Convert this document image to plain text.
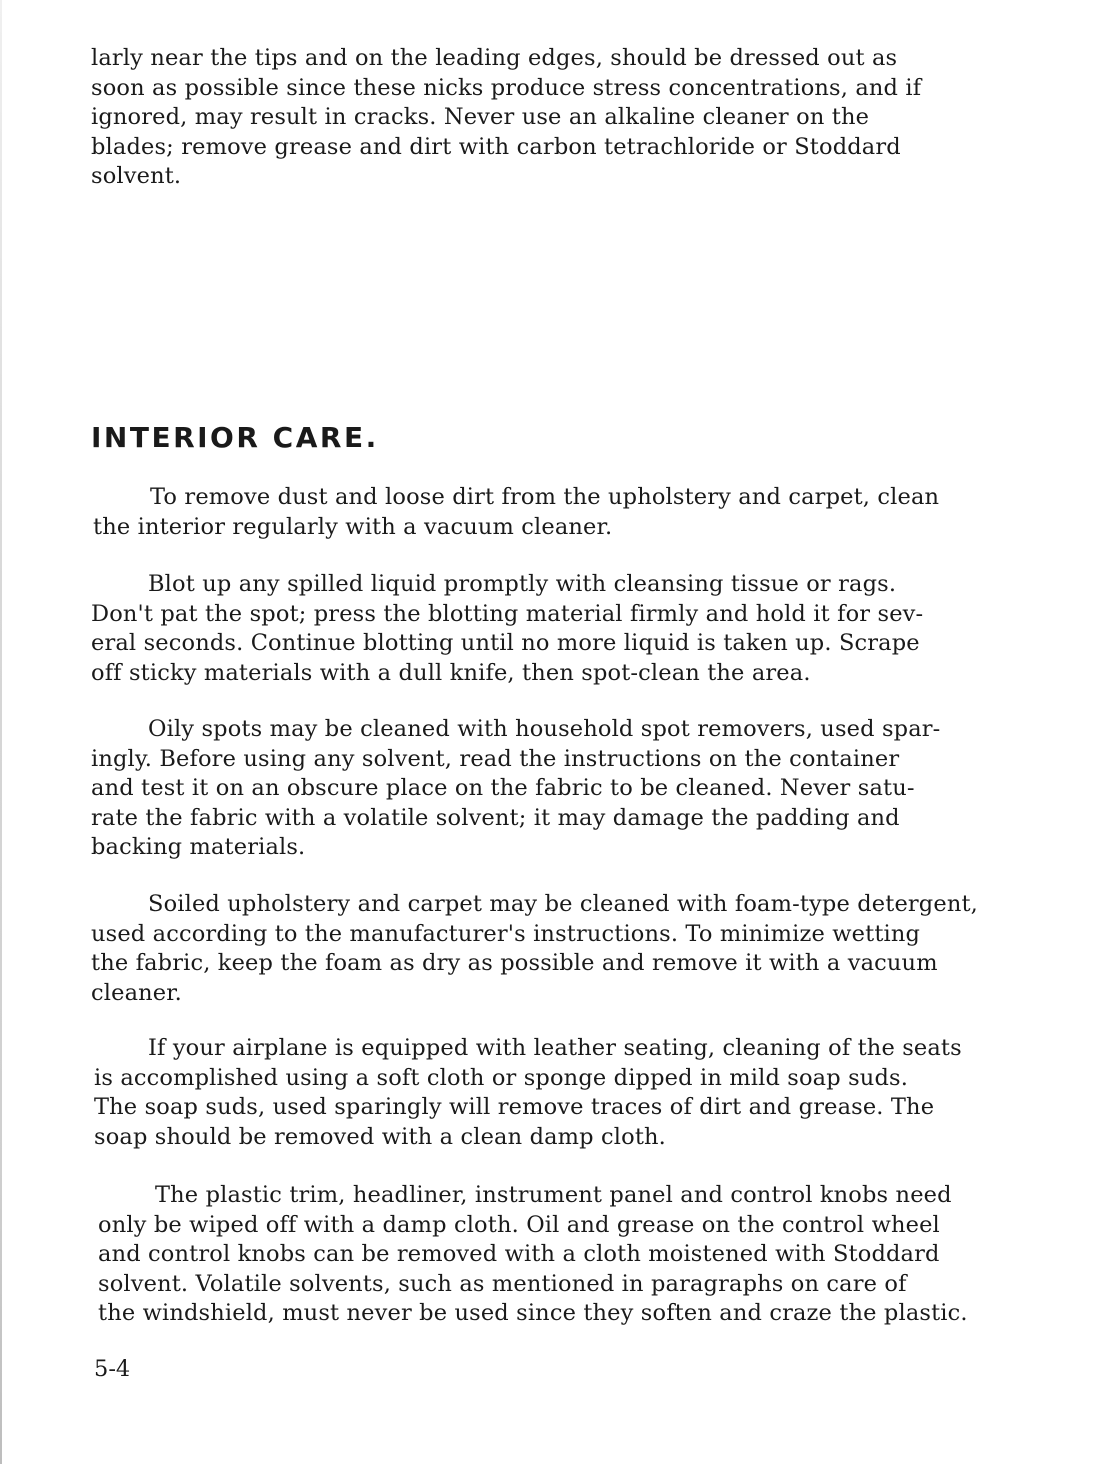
larly near the tips and on the leading edges, should be dressed out as
soon as possible since these nicks produce stress concentrations, and if
ignored, may result in cracks. Never use an alkaline cleaner on the
blades; remove grease and dirt with carbon tetrachloride or Stoddard
solvent.
INTERIOR CARE.
To remove dust and loose dirt from the upholstery and carpet, clean
the interior regularly with a vacuum cleaner.
Blot up any spilled liquid promptly with cleansing tissue or rags.
Don't pat the spot; press the blotting material firmly and hold it for sev-
eral seconds. Continue blotting until no more liquid is taken up. Scrape
off sticky materials with a dull knife, then spot-clean the area.
Oily spots may be cleaned with household spot removers, used spar-
ingly. Before using any solvent, read the instructions on the container
and test it on an obscure place on the fabric to be cleaned. Never satu-
rate the fabric with a volatile solvent; it may damage the padding and
backing materials.
Soiled upholstery and carpet may be cleaned with foam-type detergent,
used according to the manufacturer's instructions. To minimize wetting
the fabric, keep the foam as dry as possible and remove it with a vacuum
cleaner.
If your airplane is equipped with leather seating, cleaning of the seats
is accomplished using a soft cloth or sponge dipped in mild soap suds.
The soap suds, used sparingly will remove traces of dirt and grease. The
soap should be removed with a clean damp cloth.
The plastic trim, headliner, instrument panel and control knobs need
only be wiped off with a damp cloth. Oil and grease on the control wheel
and control knobs can be removed with a cloth moistened with Stoddard
solvent. Volatile solvents, such as mentioned in paragraphs on care of
the windshield, must never be used since they soften and craze the plastic.

5-4
